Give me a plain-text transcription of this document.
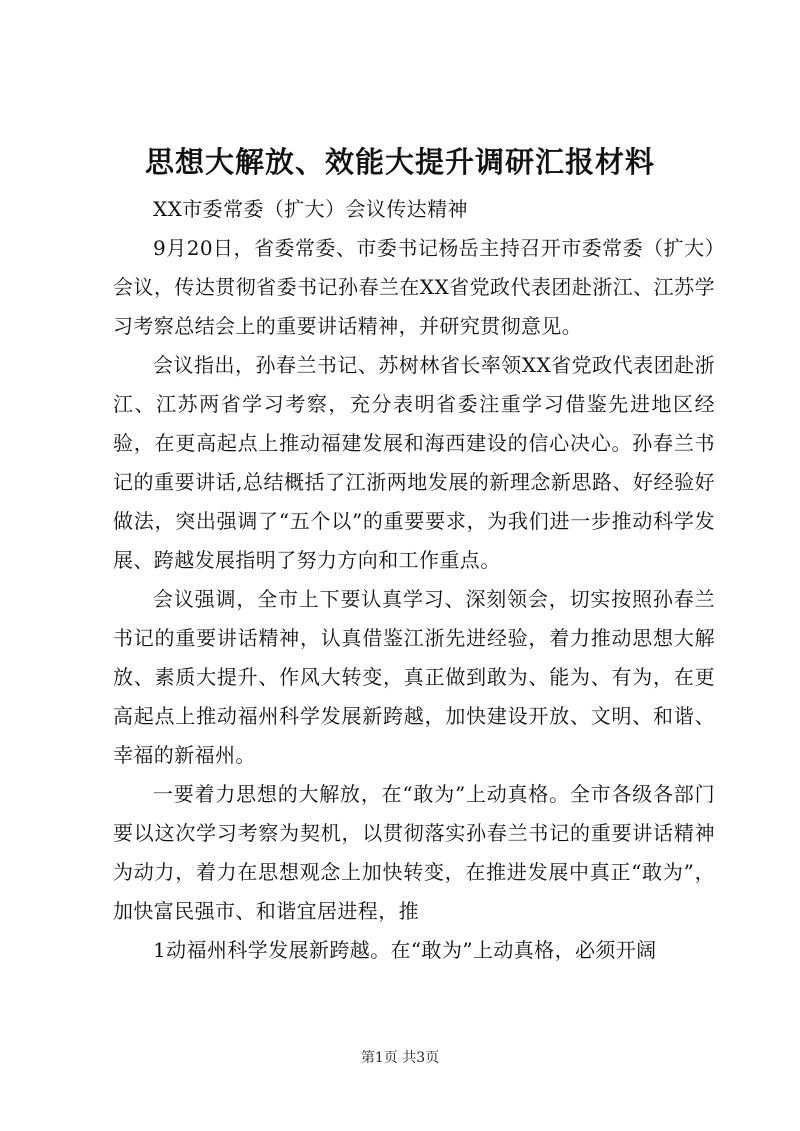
思想大解放、效能大提升调研汇报材料

XX市委常委（扩大）会议传达精神

9月20日，省委常委、市委书记杨岳主持召开市委常委（扩大）会议，传达贯彻省委书记孙春兰在XX省党政代表团赴浙江、江苏学习考察总结会上的重要讲话精神，并研究贯彻意见。

会议指出，孙春兰书记、苏树林省长率领XX省党政代表团赴浙江、江苏两省学习考察，充分表明省委注重学习借鉴先进地区经验，在更高起点上推动福建发展和海西建设的信心决心。孙春兰书记的重要讲话,总结概括了江浙两地发展的新理念新思路、好经验好做法，突出强调了“五个以”的重要要求，为我们进一步推动科学发展、跨越发展指明了努力方向和工作重点。

会议强调，全市上下要认真学习、深刻领会，切实按照孙春兰书记的重要讲话精神，认真借鉴江浙先进经验，着力推动思想大解放、素质大提升、作风大转变，真正做到敢为、能为、有为，在更高起点上推动福州科学发展新跨越，加快建设开放、文明、和谐、幸福的新福州。

一要着力思想的大解放，在“敢为”上动真格。全市各级各部门要以这次学习考察为契机，以贯彻落实孙春兰书记的重要讲话精神为动力，着力在思想观念上加快转变，在推进发展中真正“敢为”，加快富民强市、和谐宜居进程，推

1动福州科学发展新跨越。在“敢为”上动真格，必须开阔

第1页 共3页
